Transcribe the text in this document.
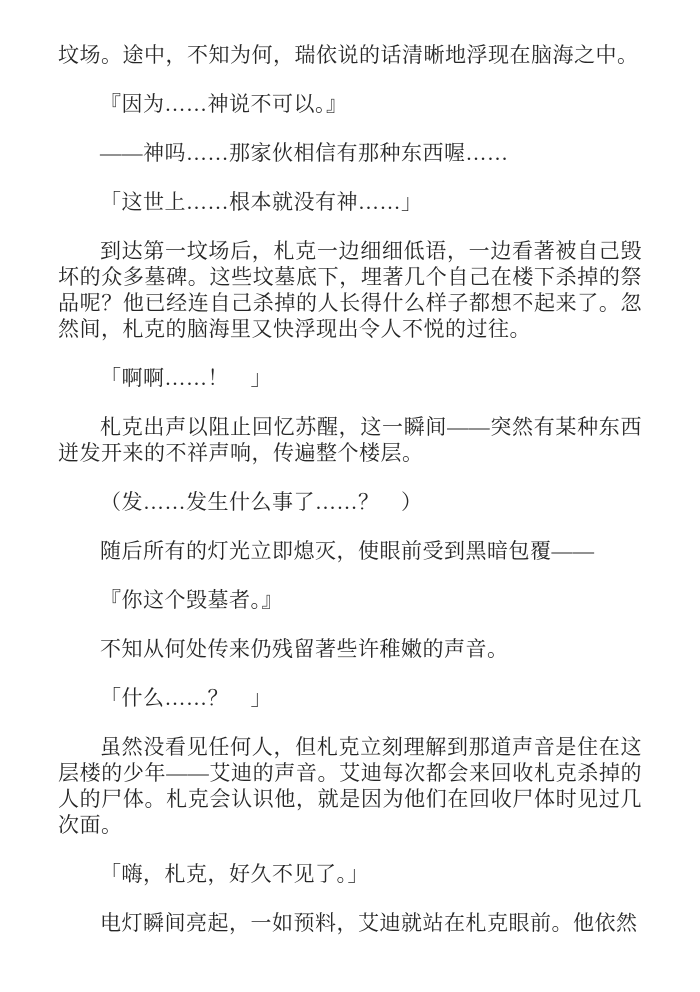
坟场。途中，不知为何，瑞依说的话清晰地浮现在脑海之中。

『因为……神说不可以。』

——神吗……那家伙相信有那种东西喔……

「这世上……根本就没有神……」

到达第一坟场后，札克一边细细低语，一边看著被自己毁坏的众多墓碑。这些坟墓底下，埋著几个自己在楼下杀掉的祭品呢？他已经连自己杀掉的人长得什么样子都想不起来了。忽然间，札克的脑海里又快浮现出令人不悦的过往。

「啊啊……！　」

札克出声以阻止回忆苏醒，这一瞬间——突然有某种东西迸发开来的不祥声响，传遍整个楼层。

（发……发生什么事了……？　）

随后所有的灯光立即熄灭，使眼前受到黑暗包覆——

『你这个毁墓者。』

不知从何处传来仍残留著些许稚嫩的声音。

「什么……？　」

虽然没看见任何人，但札克立刻理解到那道声音是住在这层楼的少年——艾迪的声音。艾迪每次都会来回收札克杀掉的人的尸体。札克会认识他，就是因为他们在回收尸体时见过几次面。

「嗨，札克，好久不见了。」

电灯瞬间亮起，一如预料，艾迪就站在札克眼前。他依然
